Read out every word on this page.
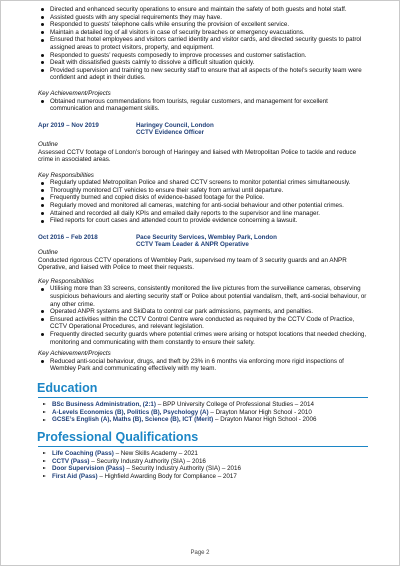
Directed and enhanced security operations to ensure and maintain the safety of both guests and hotel staff.
Assisted guests with any special requirements they may have.
Responded to guests’ telephone calls while ensuring the provision of excellent service.
Maintain a detailed log of all visitors in case of security breaches or emergency evacuations.
Ensured that hotel employees and visitors carried identity and visitor cards, and directed security guests to patrol assigned areas to protect visitors, property, and equipment.
Responded to guests’ requests composedly to improve processes and customer satisfaction.
Dealt with dissatisfied guests calmly to dissolve a difficult situation quickly.
Provided supervision and training to new security staff to ensure that all aspects of the hotel’s security team were confident and adept in their duties.
Key Achievement/Projects
Obtained numerous commendations from tourists, regular customers, and management for excellent communication and management skills.
Apr 2019 – Nov 2019	Haringey Council, London
CCTV Evidence Officer
Outline
Assessed CCTV footage of London’s borough of Haringey and liaised with Metropolitan Police to tackle and reduce crime in associated areas.
Key Responsibilities
Regularly updated Metropolitan Police and shared CCTV screens to monitor potential crimes simultaneously.
Thoroughly monitored CIT vehicles to ensure their safety from arrival until departure.
Frequently burned and copied disks of evidence-based footage for the Police.
Regularly moved and monitored all cameras, watching for anti-social behaviour and other potential crimes.
Attained and recorded all daily KPIs and emailed daily reports to the supervisor and line manager.
Filed reports for court cases and attended court to provide evidence concerning a lawsuit.
Oct 2016 – Feb 2018	Pace Security Services, Wembley Park, London
CCTV Team Leader & ANPR Operative
Outline
Conducted rigorous CCTV operations of Wembley Park, supervised my team of 3 security guards and an ANPR Operative, and liaised with Police to meet their requests.
Key Responsibilities
Utilising more than 33 screens, consistently monitored the live pictures from the surveillance cameras, observing suspicious behaviours and alerting security staff or Police about potential vandalism, theft, anti-social behaviour, or any other crime.
Operated ANPR systems and SkiData to control car park admissions, payments, and penalties.
Ensured activities within the CCTV Control Centre were conducted as required by the CCTV Code of Practice, CCTV Operational Procedures, and relevant legislation.
Frequently directed security guards where potential crimes were arising or hotspot locations that needed checking, monitoring and communicating with them constantly to ensure their safety.
Key Achievement/Projects
Reduced anti-social behaviour, drugs, and theft by 23% in 6 months via enforcing more rigid inspections of Wembley Park and communicating effectively with my team.
Education
BSc Business Administration, (2:1) – BPP University College of Professional Studies – 2014
A-Levels Economics (B), Politics (B), Psychology (A) – Drayton Manor High School - 2010
GCSE’s English (A), Maths (B), Science (B), ICT (Merit) – Drayton Manor High School - 2006
Professional Qualifications
Life Coaching (Pass) – New Skills Academy – 2021
CCTV (Pass) – Security Industry Authority (SIA) – 2016
Door Supervision (Pass) – Security Industry Authority (SIA) – 2016
First Aid (Pass) – Highfield Awarding Body for Compliance – 2017
Page 2
